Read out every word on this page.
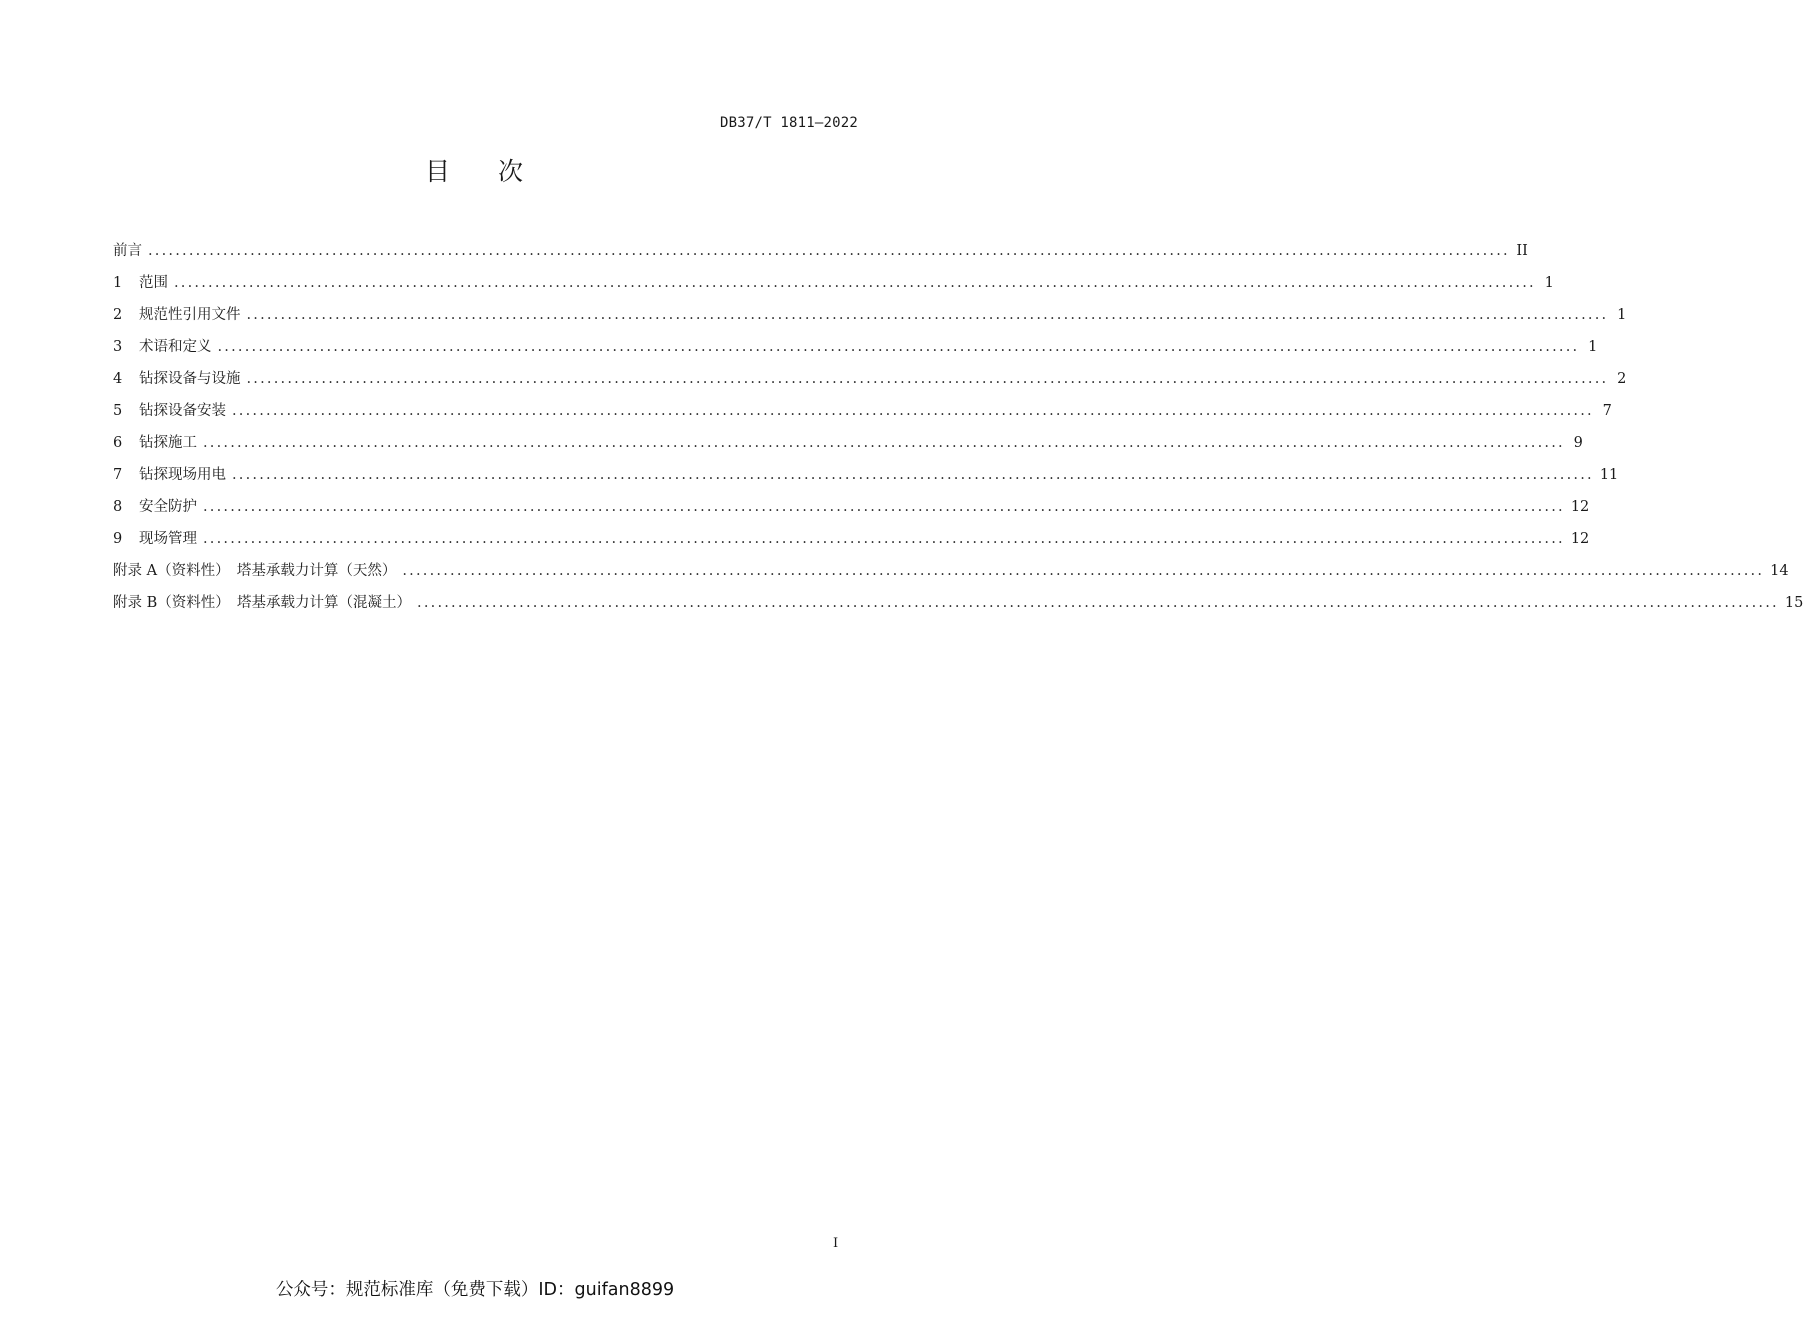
DB37/T 1811—2022
目 次
前言 ........................................................................................................................................................................................................ II
1	范围 ........................................................................................................................................................................................................ 1
2	规范性引用文件 ........................................................................................................................................................................................................ 1
3	术语和定义 ........................................................................................................................................................................................................ 1
4	钻探设备与设施 ........................................................................................................................................................................................................ 2
5	钻探设备安装 ........................................................................................................................................................................................................ 7
6	钻探施工 ........................................................................................................................................................................................................ 9
7	钻探现场用电 ........................................................................................................................................................................................................ 11
8	安全防护 ........................................................................................................................................................................................................ 12
9	现场管理 ........................................................................................................................................................................................................ 12
附录 A（资料性）　塔基承载力计算（天然） ........................................................................................................................................................................................................ 14
附录 B（资料性）　塔基承载力计算（混凝土） ........................................................................................................................................................................................................ 15
I
公众号：规范标准库（免费下载）ID：guifan8899
